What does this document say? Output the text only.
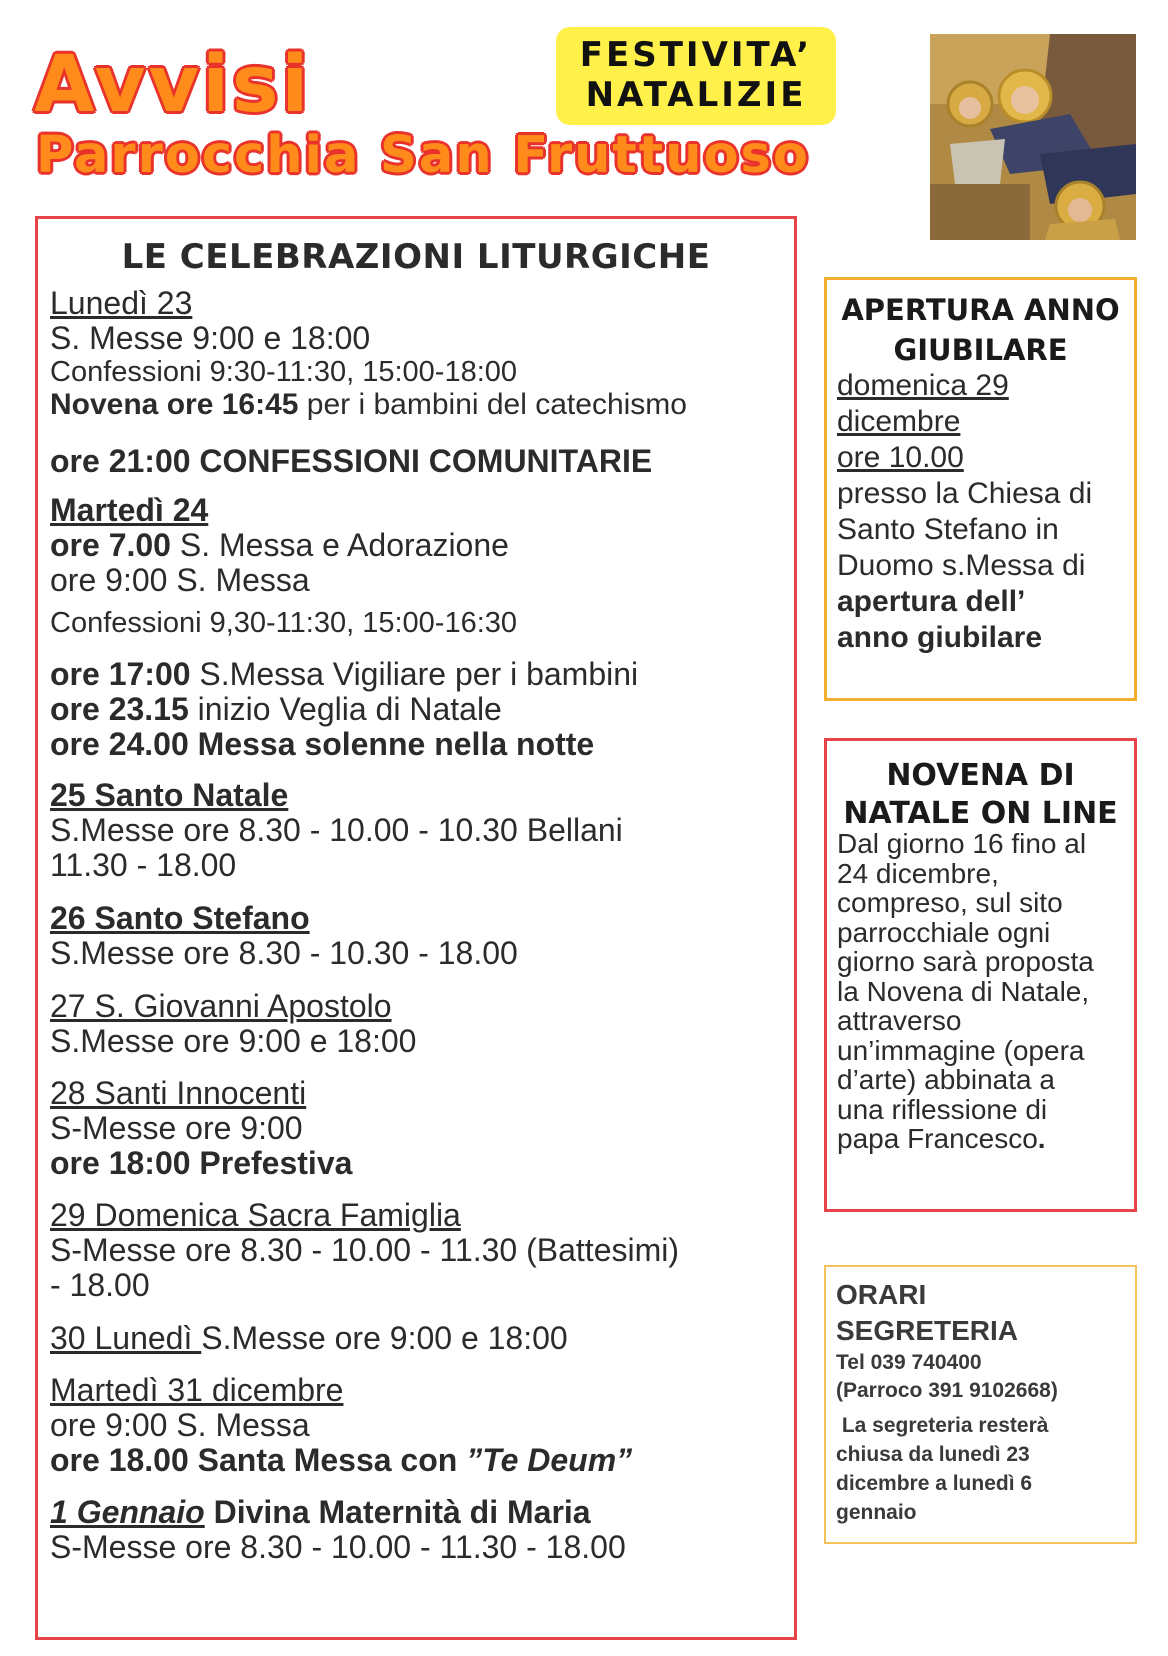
Avvisi
Parrocchia San Fruttuoso
FESTIVITA’
NATALIZIE
LE CELEBRAZIONI LITURGICHE
Lunedì 23
S. Messe 9:00 e 18:00
Confessioni 9:30-11:30, 15:00-18:00
Novena ore 16:45 per i bambini del catechismo
ore 21:00 CONFESSIONI COMUNITARIE
Martedì 24
ore 7.00 S. Messa e Adorazione
ore 9:00 S. Messa
Confessioni 9,30-11:30, 15:00-16:30
ore 17:00 S.Messa Vigiliare per i bambini
ore 23.15 inizio Veglia di Natale
ore 24.00 Messa solenne nella notte
25 Santo Natale
S.Messe ore 8.30 - 10.00 - 10.30 Bellani
11.30 - 18.00
26 Santo Stefano
S.Messe ore 8.30 - 10.30 - 18.00
27 S. Giovanni Apostolo
S.Messe ore 9:00 e 18:00
28 Santi Innocenti
S-Messe ore 9:00
ore 18:00 Prefestiva
29 Domenica Sacra Famiglia
S-Messe ore 8.30 - 10.00 - 11.30 (Battesimi)
- 18.00
30 Lunedì S.Messe ore 9:00 e 18:00
Martedì 31 dicembre
ore 9:00 S. Messa
ore 18.00 Santa Messa con ”Te Deum”
1 Gennaio Divina Maternità di Maria
S-Messe ore 8.30 - 10.00 - 11.30 - 18.00
APERTURA ANNO
GIUBILARE
domenica 29
dicembre
ore 10.00
presso la Chiesa di
Santo Stefano in
Duomo s.Messa di
apertura dell’
anno giubilare
NOVENA DI
NATALE ON LINE
Dal giorno 16 fino al
24 dicembre,
compreso, sul sito
parrocchiale ogni
giorno sarà proposta
la Novena di Natale,
attraverso
un’immagine (opera
d’arte) abbinata a
una riflessione di
papa Francesco.
ORARI
SEGRETERIA
Tel 039 740400
(Parroco 391 9102668)
La segreteria resterà
chiusa da lunedì 23
dicembre a lunedì 6
gennaio
